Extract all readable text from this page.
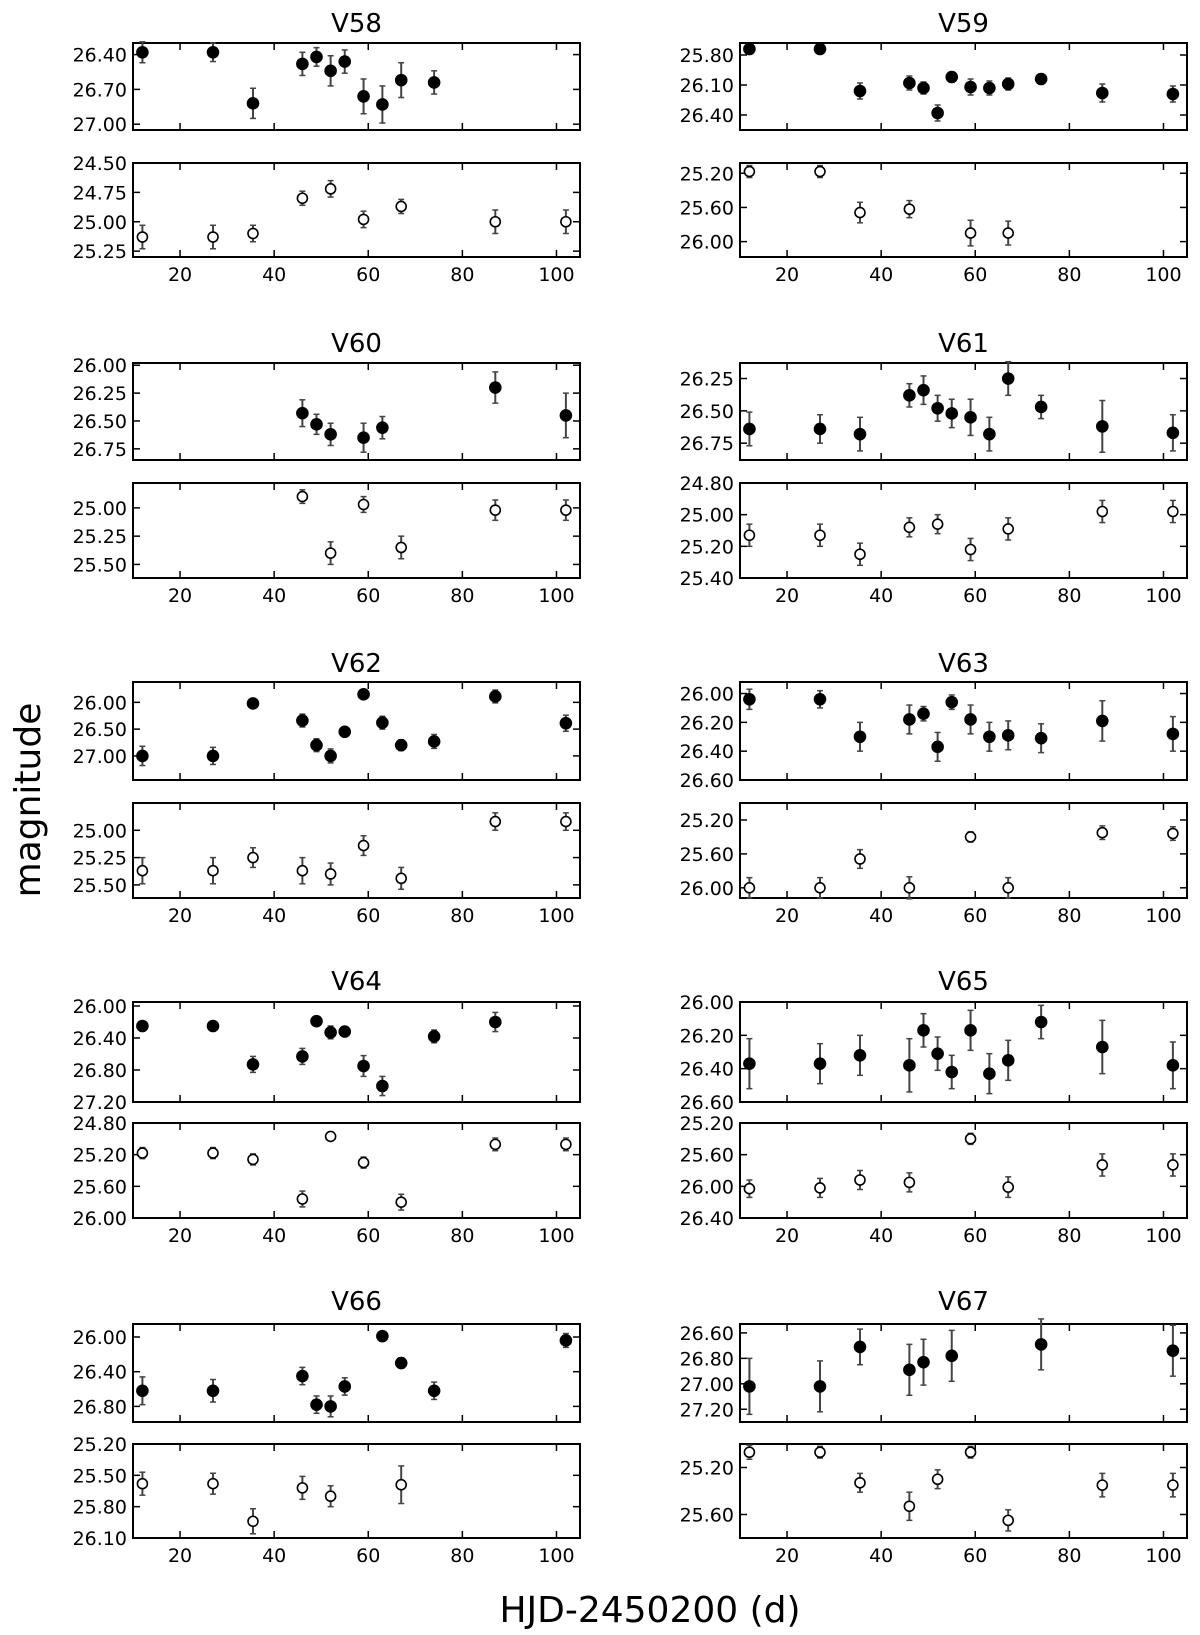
V58
26.40
26.70
27.00
24.50
24.75
25.00
25.25
20	40	60	80	100
V59
25.80
26.10
26.40
25.20
25.60
26.00
20	40	60	80	100
V60
26.00
26.25
26.50
26.75
25.00
25.25
25.50
20	40	60	80	100
V61
26.25
26.50
26.75
24.80
25.00
25.20
25.40
20	40	60	80	100
V62
26.00
26.50
27.00
25.00
25.25
25.50
20	40	60	80	100
V63
26.00
26.20
26.40
26.60
25.20
25.60
26.00
20	40	60	80	100
V64
26.00
26.40
26.80
27.20
24.80
25.20
25.60
26.00
20	40	60	80	100
V65
26.00
26.20
26.40
26.60
25.20
25.60
26.00
26.40
20	40	60	80	100
V66
26.00
26.40
26.80
25.20
25.50
25.80
26.10
20	40	60	80	100
V67
26.60
26.80
27.00
27.20
25.20
25.60
20	40	60	80	100
magnitude
HJD-2450200 (d)
